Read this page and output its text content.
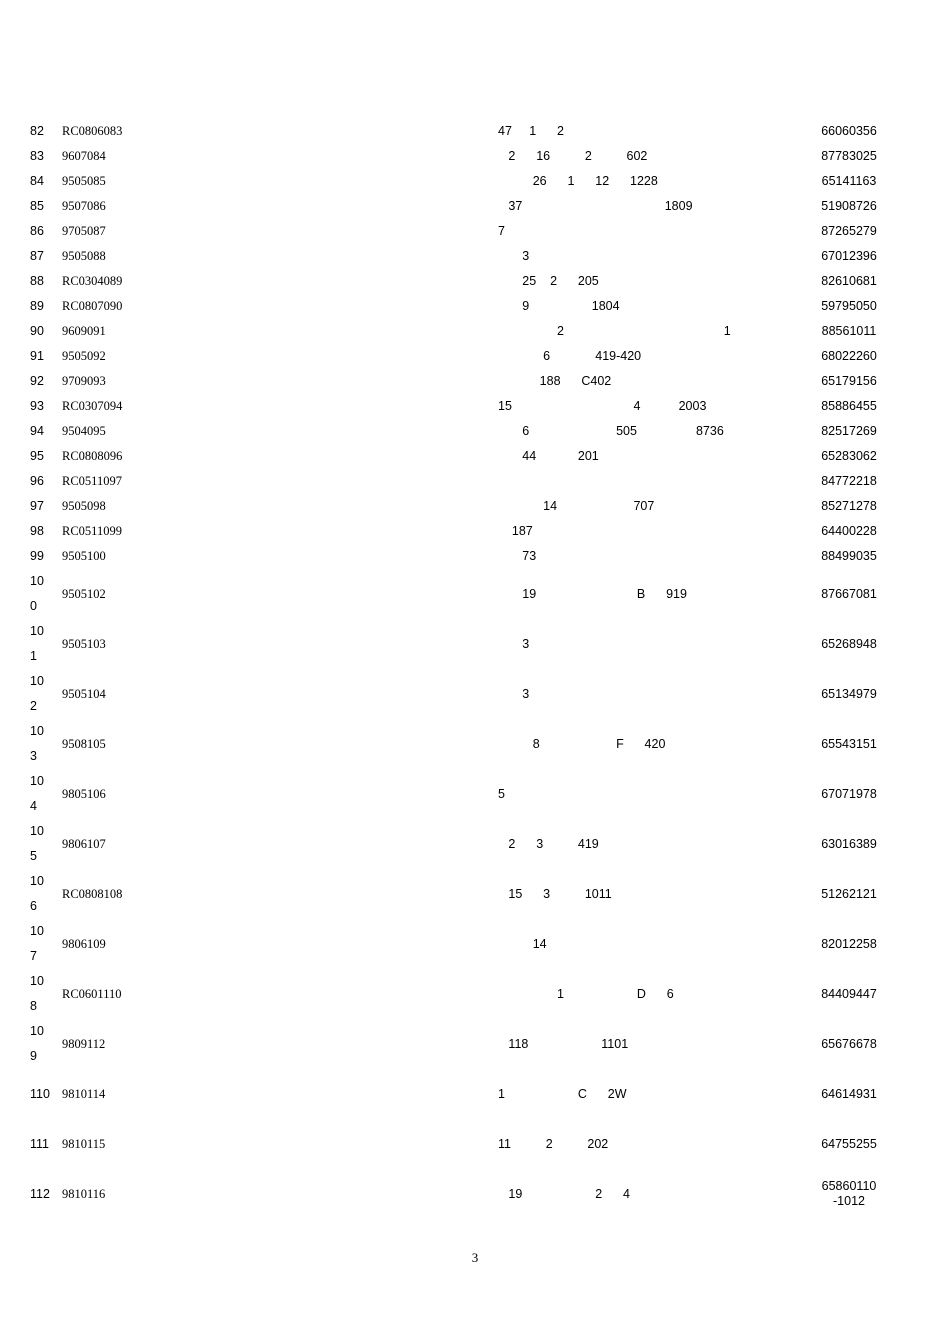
82	RC0806083		47     1      2	66060356

83	9607084		2      16          2          602	87783025

84	9505085		26      1      12      1228	65141163

85	9507086		37                                         1809	51908726

86	9705087		7	87265279

87	9505088		3	67012396

88	RC0304089		25    2      205	82610681

89	RC0807090		9                  1804	59795050

90	9609091		2                                              1	88561011

91	9505092		6             419-420	68022260

92	9709093		188      C402	65179156

93	RC0307094		15                                   4           2003	85886455

94	9504095		6                         505                 8736	82517269

95	RC0808096		44            201	65283062

96	RC0511097			84772218

97	9505098		14                      707	85271278

98	RC0511099		187	64400228

99	9505100		73	88499035

100	9505102		19                             B      919	87667081

101	9505103		3	65268948

102	9505104		3	65134979

103	9508105		8                      F      420	65543151

104	9805106		5	67071978

105	9806107		2      3          419	63016389

106	RC0808108		15      3          1011	51262121

107	9806109		14	82012258

108	RC0601110		1                     D      6	84409447

109	9809112		118                     1101	65676678

110	9810114		1                     C      2W	64614931

111	9810115		11          2          202	64755255

112	9810116		19                     2      4	65860110
-1012
3
